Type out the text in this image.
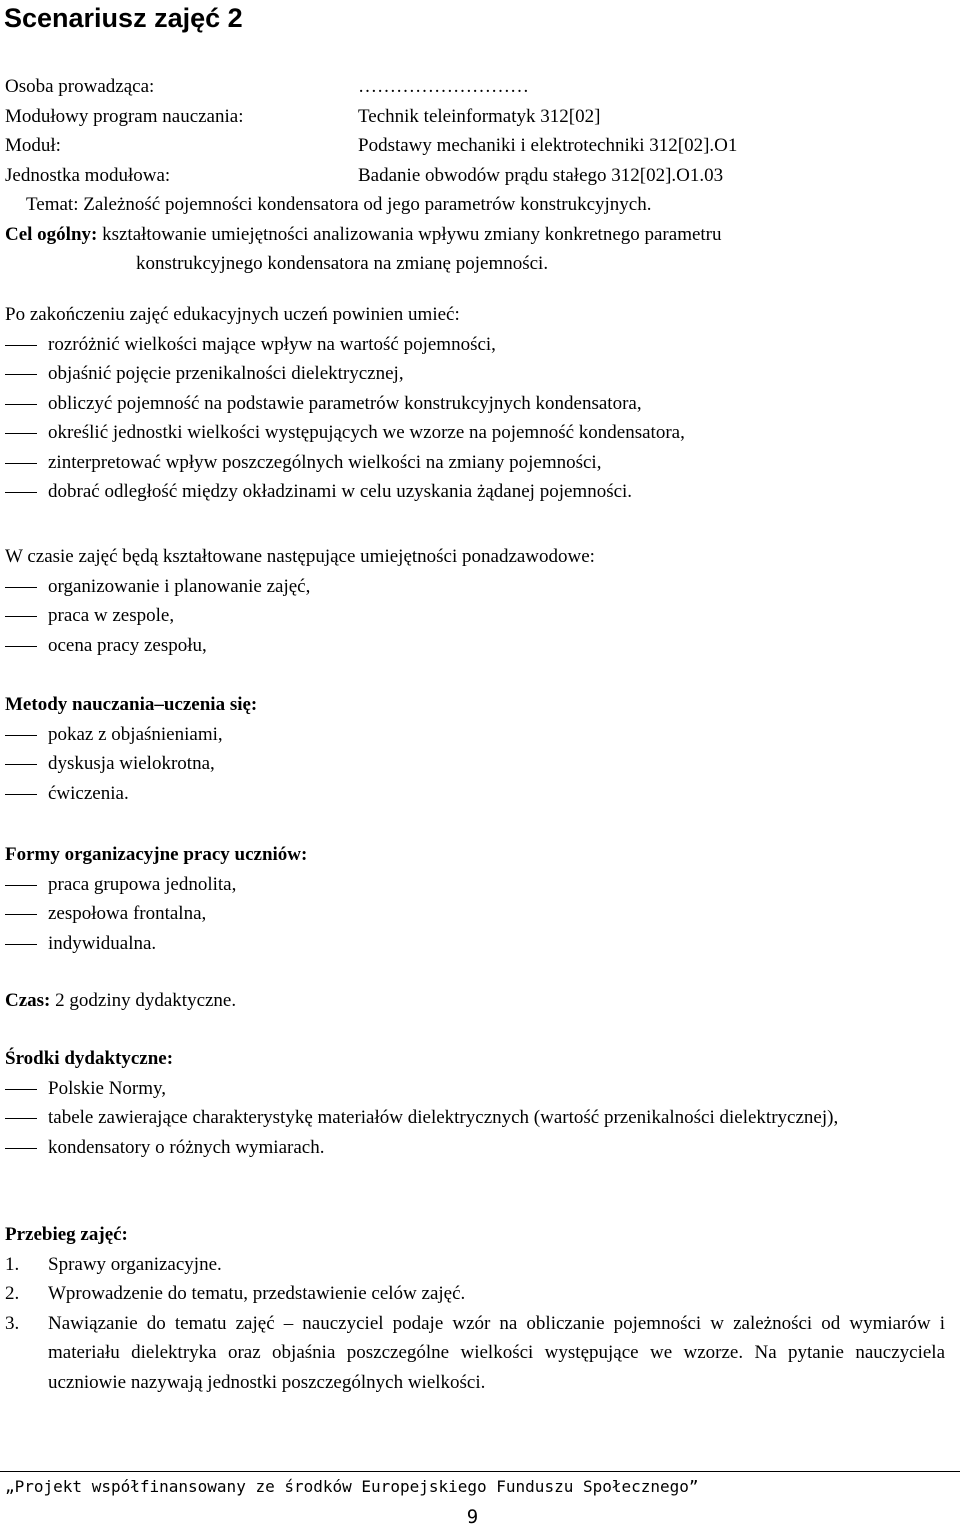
Scenariusz zajęć 2
Osoba prowadząca:	………………………
Modułowy program nauczania:	Technik teleinformatyk 312[02]
Moduł:	Podstawy mechaniki i elektrotechniki 312[02].O1
Jednostka modułowa:	Badanie obwodów prądu stałego 312[02].O1.03
Temat: Zależność pojemności kondensatora od jego parametrów konstrukcyjnych.
Cel ogólny: kształtowanie umiejętności analizowania wpływu zmiany konkretnego parametru
konstrukcyjnego kondensatora na zmianę pojemności.
Po zakończeniu zajęć edukacyjnych uczeń powinien umieć:
rozróżnić wielkości mające wpływ na wartość pojemności,
objaśnić pojęcie przenikalności dielektrycznej,
obliczyć pojemność na podstawie parametrów konstrukcyjnych kondensatora,
określić jednostki wielkości występujących we wzorze na pojemność kondensatora,
zinterpretować wpływ poszczególnych wielkości na zmiany pojemności,
dobrać odległość między okładzinami w celu uzyskania żądanej pojemności.
W czasie zajęć będą kształtowane następujące umiejętności ponadzawodowe:
organizowanie i planowanie zajęć,
praca w zespole,
ocena pracy zespołu,
Metody nauczania–uczenia się:
pokaz z objaśnieniami,
dyskusja wielokrotna,
ćwiczenia.
Formy organizacyjne pracy uczniów:
praca grupowa jednolita,
zespołowa frontalna,
indywidualna.
Czas: 2 godziny dydaktyczne.
Środki dydaktyczne:
Polskie Normy,
tabele zawierające charakterystykę materiałów dielektrycznych (wartość przenikalności dielektrycznej),
kondensatory o różnych wymiarach.
Przebieg zajęć:
1. Sprawy organizacyjne.
2. Wprowadzenie do tematu, przedstawienie celów zajęć.
3. Nawiązanie do tematu zajęć – nauczyciel podaje wzór na obliczanie pojemności w zależności od wymiarów i materiału dielektryka oraz objaśnia poszczególne wielkości występujące we wzorze. Na pytanie nauczyciela uczniowie nazywają jednostki poszczególnych wielkości.
„Projekt współfinansowany ze środków Europejskiego Funduszu Społecznego”
9
